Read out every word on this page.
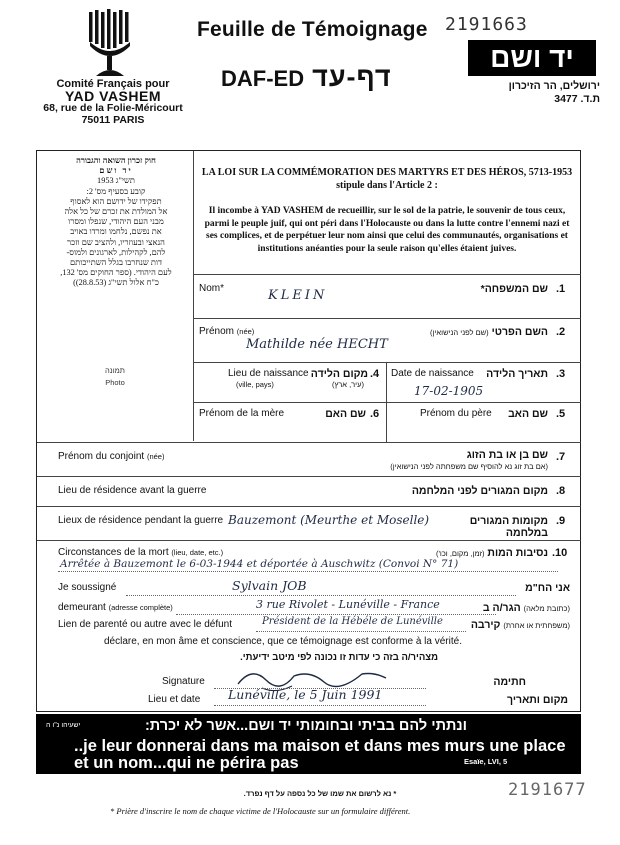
Comité Français pour
YAD VASHEM
68, rue de la Folie-Méricourt
75011 PARIS
Feuille de Témoignage 2191663
DAF-ED דף-עד
יד ושם
ירושלים, הר הזיכרון
ת.ד. 3477
חוק זכרון השואה והגבורה
יד ושם
תשי"ג 1953
קובע בסעיף מס' 2:
תפקידו של ידושם הוא לאסוף
אל המולדת את זכרם של כל אלה
מבני העם היהודי, שנפלו ומסרו
את נפשם, נלחמו ומרדו באויב
הנאצי ובעוזריו, ולהציב שם וזכר
להם, לקהילות, לארגונים ולמוס-
דות שנחרבו בגלל השתייכותם
לעם היהודי. (ספר החוקים מס' 132,
כ"ח אלול תשי"ג (28.8.53))
תמונה
Photo
LA LOI SUR LA COMMÉMORATION DES MARTYRS ET DES HÉROS, 5713-1953
stipule dans l'Article 2 :
Il incombe à YAD VASHEM de recueillir, sur le sol de la patrie, le souvenir de tous ceux, parmi le peuple juif, qui ont péri dans l'Holocauste ou dans la lutte contre l'ennemi nazi et ses complices, et de perpétuer leur nom ainsi que celui des communautés, organisations et institutions anéanties pour la seule raison qu'elles étaient juives.
Nom*	KLEIN	שם המשפחה* .1
Prénom (née)
Mathilde née HECHT
השם הפרטי (שם לפני הנישואין)	.2
Lieu de naissance
(ville, pays)
מקום הלידה
(עיר, ארץ)
.4 Date de naissance	תאריך הלידה .3
17-02-1905
Prénom de la mère	שם האם .6	Prénom du père	שם האב .5
Prénom du conjoint (née)	שם בן או בת הזוג
(אם בת זוג נא להוסיף שם משפחתה לפני הנישואין)
.7
Lieu de résidence avant la guerre	מקום המגורים לפני המלחמה .8
Lieux de résidence pendant la guerre Bauzemont (Meurthe et Moselle)	מקומות המגורים במלחמה
.9
Circonstances de la mort (lieu, date, etc.)	נסיבות המות (זמן, מקום, וכו')	.10
Arrêtée à Bauzemont le 6-03-1944 et déportée à Auschwitz (Convoi N° 71)
Je soussigné	Sylvain JOB	אני הח"מ
demeurant (adresse complète)	3 rue Rivolet - Lunéville - France	(כתובת מלאה) הגר/ה ב
Lien de parenté ou autre avec le défunt	Président de la Hébéle de Lunéville	(משפחתית או אחרת) קירבה
déclare, en mon âme et conscience, que ce témoignage est conforme à la vérité.
מצהיר/ה בזה כי עדות זו נכונה לפי מיטב ידיעתי.
Signature	חתימה
Lieu et date Lunéville, le 5 Juin 1991	מקום ותאריך
ישעיהו נ"ו ה	ונתתי להם בביתי ובחומותי יד ושם...אשר לא יכרת:
..je leur donnerai dans ma maison et dans mes murs une place et un nom...qui ne périra pas	Esaïe, LVI, 5
* נא לרשום את שמו של כל נספה על דף נפרד.
* Prière d'inscrire le nom de chaque victime de l'Holocauste sur un formulaire différent.
2191677
